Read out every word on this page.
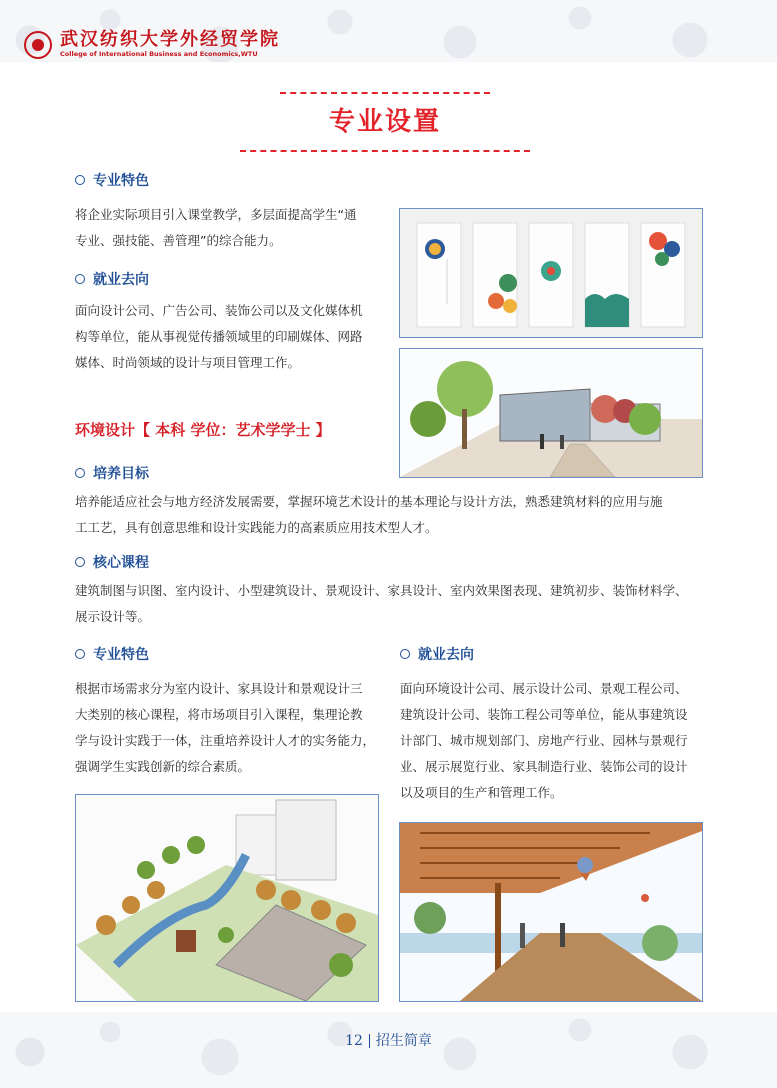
武汉纺织大学外经贸学院
College of International Business and Economics,WTU
专业设置
专业特色
将企业实际项目引入课堂教学，多层面提高学生“通
专业、强技能、善管理”的综合能力。
就业去向
面向设计公司、广告公司、装饰公司以及文化媒体机
构等单位，能从事视觉传播领域里的印刷媒体、网路
媒体、时尚领域的设计与项目管理工作。
环境设计【 本科 学位：艺术学学士 】
培养目标
培养能适应社会与地方经济发展需要，掌握环境艺术设计的基本理论与设计方法，熟悉建筑材料的应用与施
工工艺，具有创意思维和设计实践能力的高素质应用技术型人才。
核心课程
建筑制图与识图、室内设计、小型建筑设计、景观设计、家具设计、室内效果图表现、建筑初步、装饰材料学、
展示设计等。
专业特色
根据市场需求分为室内设计、家具设计和景观设计三
大类别的核心课程，将市场项目引入课程，集理论教
学与设计实践于一体，注重培养设计人才的实务能力，
强调学生实践创新的综合素质。
就业去向
面向环境设计公司、展示设计公司、景观工程公司、
建筑设计公司、装饰工程公司等单位，能从事建筑设
计部门、城市规划部门、房地产行业、园林与景观行
业、展示展览行业、家具制造行业、装饰公司的设计
以及项目的生产和管理工作。
12 招生简章
